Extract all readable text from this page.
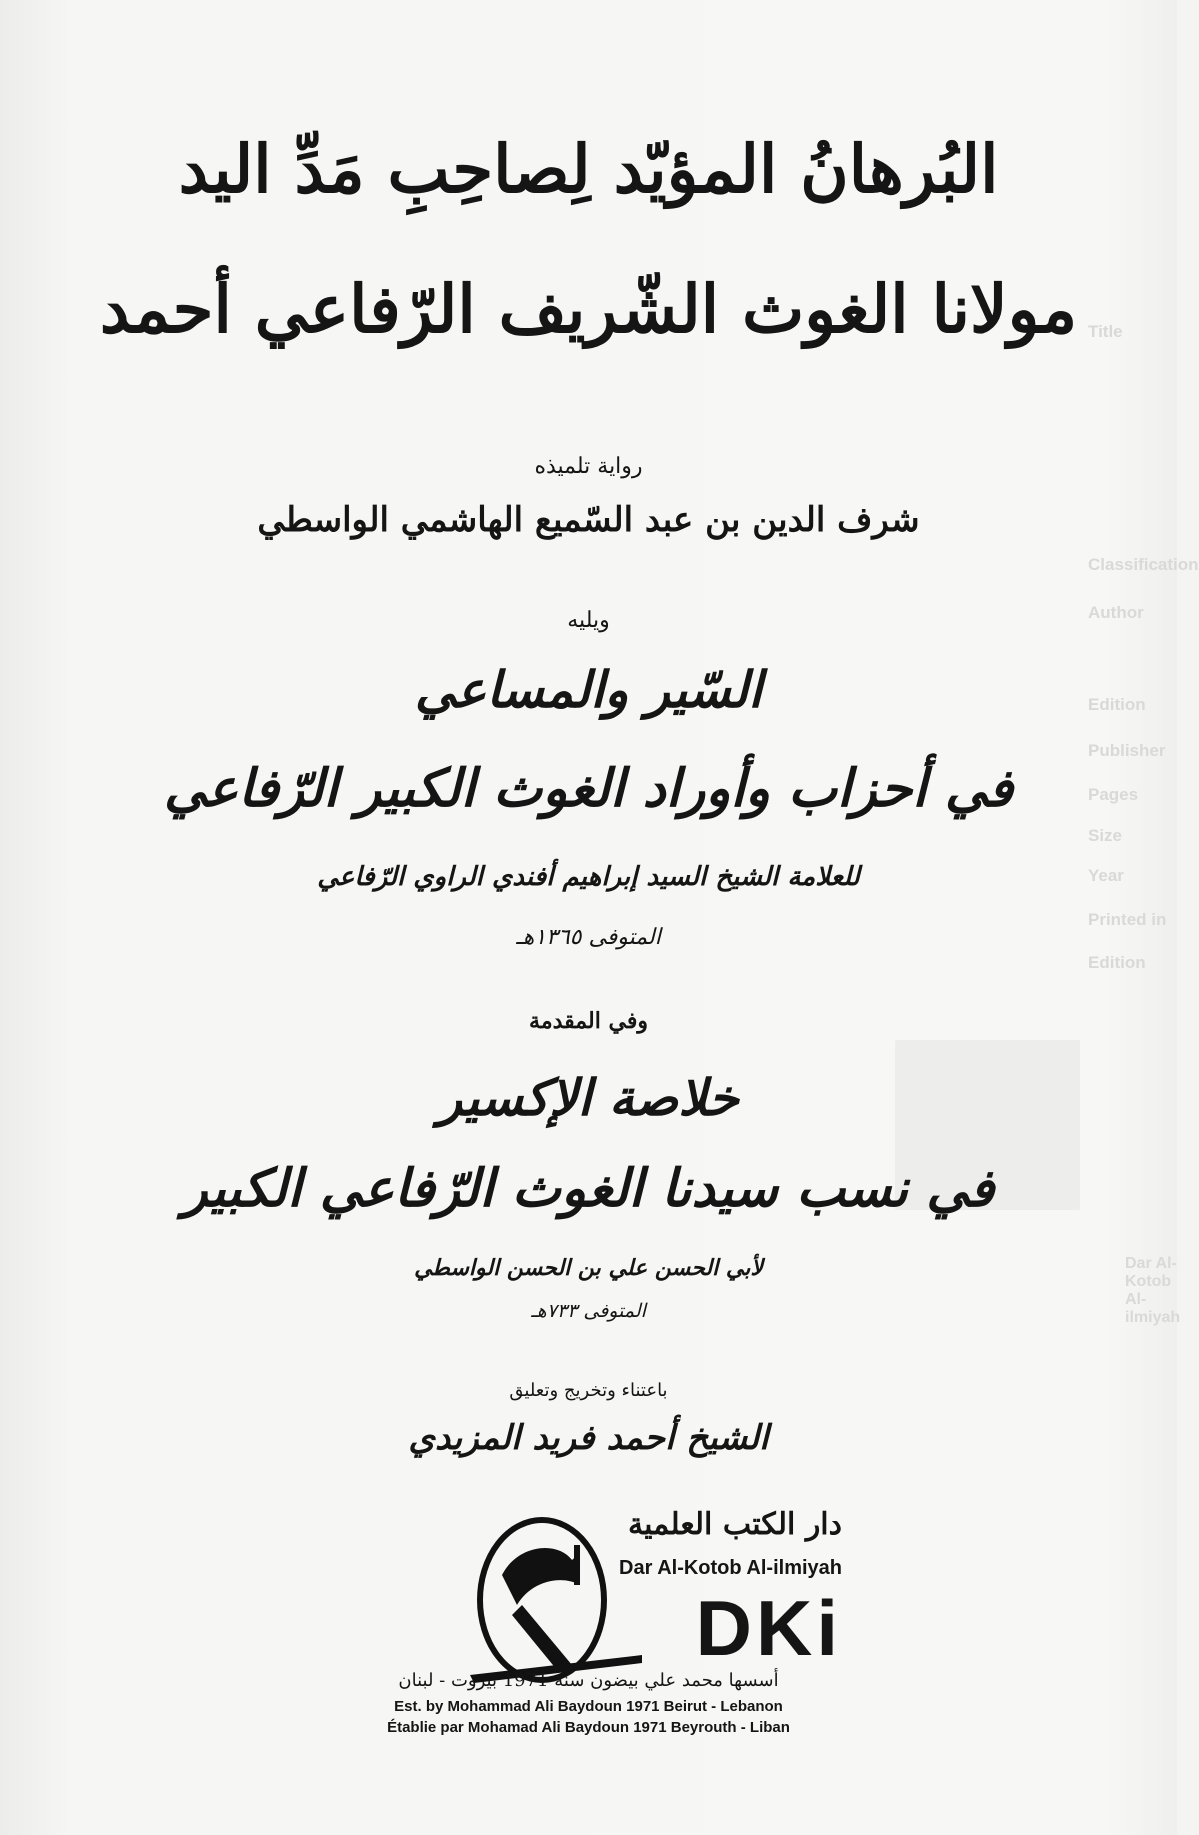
Title
Classification
Author
Edition
Publisher
Pages
Size
Year
Printed in
Edition
Dar Al-Kotob Al-ilmiyah
البُرهانُ المؤيّد لِصاحِبِ مَدِّ اليد
مولانا الغوث الشّريف الرّفاعي أحمد
رواية تلميذه
شرف الدين بن عبد السّميع الهاشمي الواسطي
ويليه
السّير والمساعي
في أحزاب وأوراد الغوث الكبير الرّفاعي
للعلامة الشيخ السيد إبراهيم أفندي الراوي الرّفاعي
المتوفى ١٣٦٥هـ
وفي المقدمة
خلاصة الإكسير
في نسب سيدنا الغوث الرّفاعي الكبير
لأبي الحسن علي بن الحسن الواسطي
المتوفى ٧٣٣هـ
باعتناء وتخريج وتعليق
الشيخ أحمد فريد المزيدي
دار الكتب العلمية
Dar Al-Kotob Al-ilmiyah
DKi
أسسها محمد علي بيضون سنة 1971 بيروت - لبنان
Est. by Mohammad Ali Baydoun 1971 Beirut - Lebanon
Établie par Mohamad Ali Baydoun 1971 Beyrouth - Liban
